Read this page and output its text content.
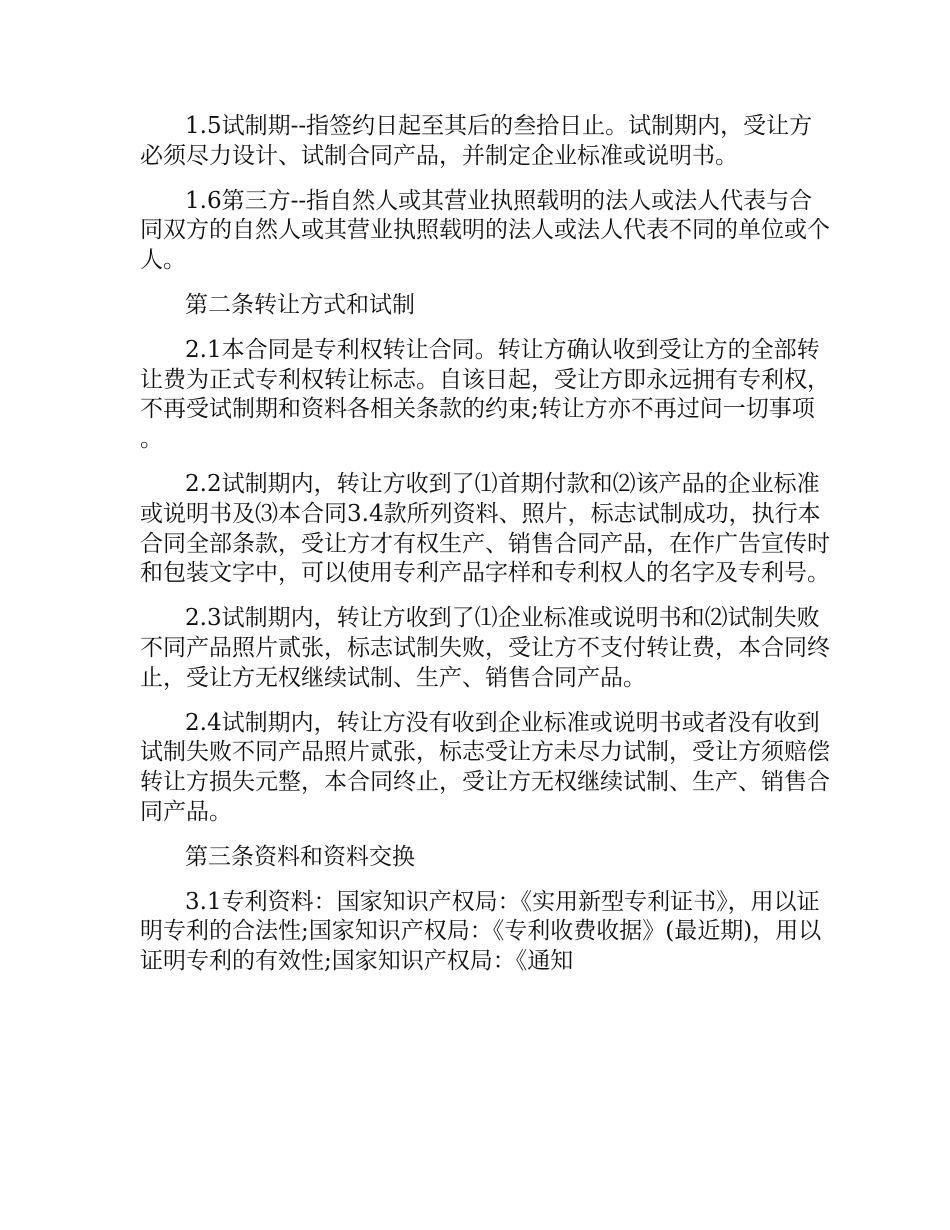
1.5试制期--指签约日起至其后的叁拾日止。试制期内，受让方必须尽力设计、试制合同产品，并制定企业标准或说明书。

1.6第三方--指自然人或其营业执照载明的法人或法人代表与合同双方的自然人或其营业执照载明的法人或法人代表不同的单位或个人。

第二条转让方式和试制

2.1本合同是专利权转让合同。转让方确认收到受让方的全部转让费为正式专利权转让标志。自该日起，受让方即永远拥有专利权，不再受试制期和资料各相关条款的约束;转让方亦不再过问一切事项。

2.2试制期内，转让方收到了⑴首期付款和⑵该产品的企业标准或说明书及⑶本合同3.4款所列资料、照片，标志试制成功，执行本合同全部条款，受让方才有权生产、销售合同产品，在作广告宣传时和包装文字中，可以使用专利产品字样和专利权人的名字及专利号。

2.3试制期内，转让方收到了⑴企业标准或说明书和⑵试制失败不同产品照片贰张，标志试制失败，受让方不支付转让费，本合同终止，受让方无权继续试制、生产、销售合同产品。

2.4试制期内，转让方没有收到企业标准或说明书或者没有收到试制失败不同产品照片贰张，标志受让方未尽力试制，受让方须赔偿转让方损失元整，本合同终止，受让方无权继续试制、生产、销售合同产品。

第三条资料和资料交换

3.1专利资料：国家知识产权局：《实用新型专利证书》，用以证明专利的合法性;国家知识产权局：《专利收费收据》(最近期)，用以证明专利的有效性;国家知识产权局：《通知
